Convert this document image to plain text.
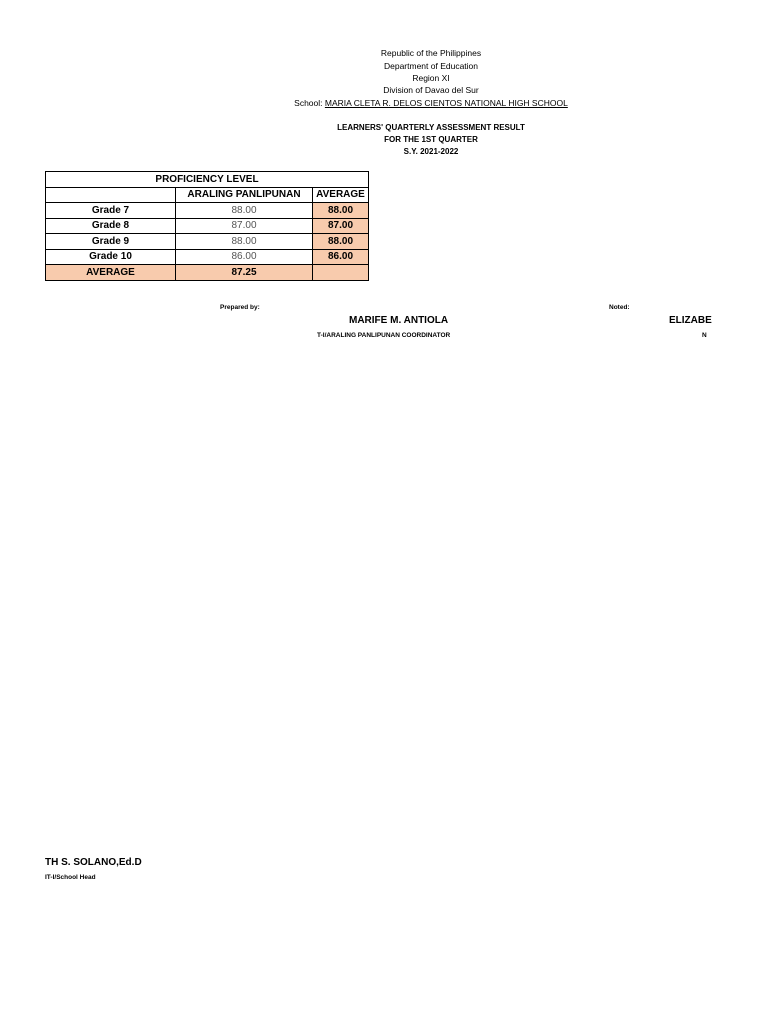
Republic of the Philippines
Department of Education
Region XI
Division of Davao del Sur
School: MARIA CLETA R. DELOS CIENTOS NATIONAL HIGH SCHOOL
LEARNERS' QUARTERLY ASSESSMENT RESULT
FOR THE 1ST QUARTER
S.Y. 2021-2022
PROFICIENCY LEVEL		
	ARALING PANLIPUNAN	AVERAGE
Grade 7	88.00	88.00
Grade 8	87.00	87.00
Grade 9	88.00	88.00
Grade 10	86.00	86.00
AVERAGE	87.25	
Prepared by:
MARIFE M. ANTIOLA
T-I/ARALING PANLIPUNAN COORDINATOR
Noted:
ELIZABE
N
TH S. SOLANO,Ed.D
IT-I/School Head
